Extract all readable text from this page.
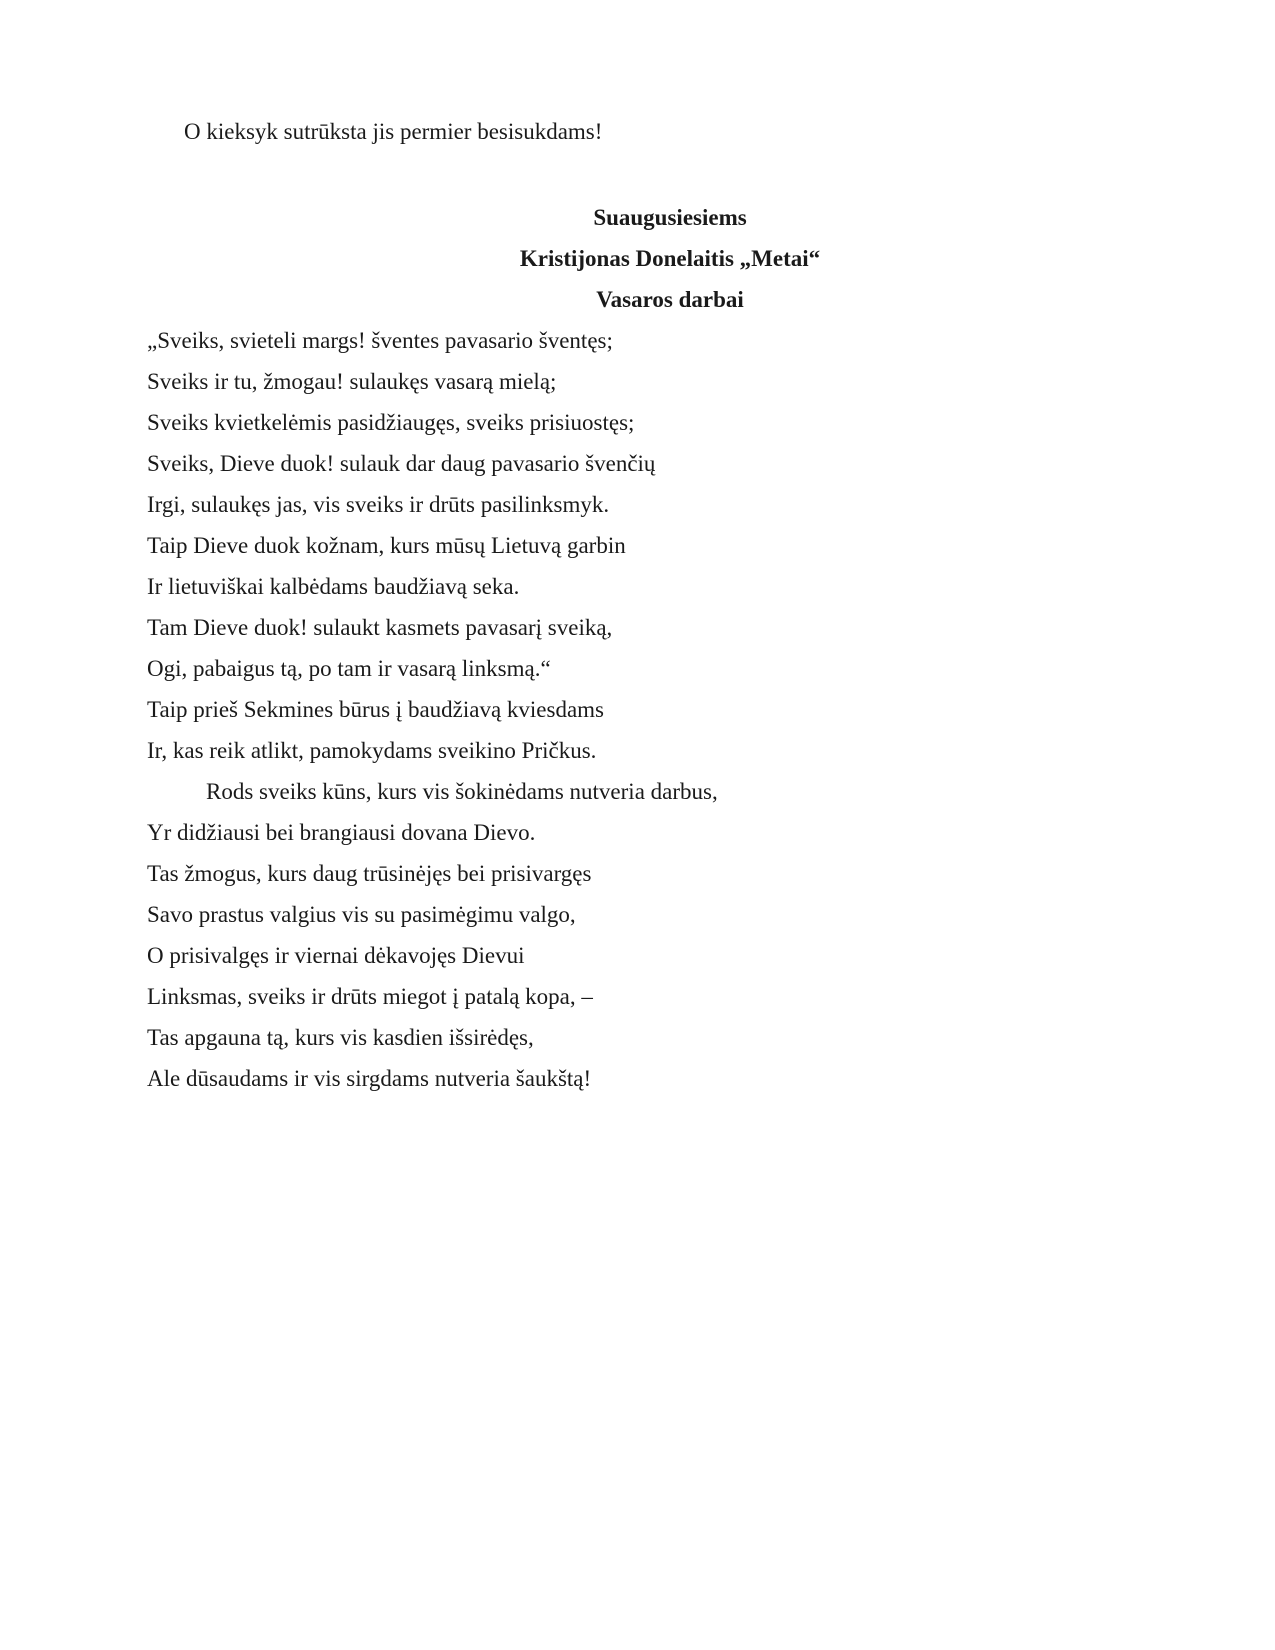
O kieksyk sutrūksta jis permier besisukdams!
Suaugusiesiems
Kristijonas Donelaitis „Metai“
Vasaros darbai
„Sveiks, svieteli margs! šventes pavasario šventęs;
Sveiks ir tu, žmogau! sulaukęs vasarą mielą;
Sveiks kvietkelėmis pasidžiaugęs, sveiks prisiuostęs;
Sveiks, Dieve duok! sulauk dar daug pavasario švenčių
Irgi, sulaukęs jas, vis sveiks ir drūts pasilinksmyk.
Taip Dieve duok kožnam, kurs mūsų Lietuvą garbin
Ir lietuviškai kalbėdams baudžiavą seka.
Tam Dieve duok! sulaukt kasmets pavasarį sveiką,
Ogi, pabaigus tą, po tam ir vasarą linksmą.“
Taip prieš Sekmines būrus į baudžiavą kviesdams
Ir, kas reik atlikt, pamokydams sveikino Pričkus.
Rods sveiks kūns, kurs vis šokinėdams nutveria darbus,
Yr didžiausi bei brangiausi dovana Dievo.
Tas žmogus, kurs daug trūsinėjęs bei prisivargęs
Savo prastus valgius vis su pasimėgimu valgo,
O prisivalgęs ir viernai dėkavojęs Dievui
Linksmas, sveiks ir drūts miegot į patalą kopa, –
Tas apgauna tą, kurs vis kasdien išsirėdęs,
Ale dūsaudams ir vis sirgdams nutveria šaukštą!
